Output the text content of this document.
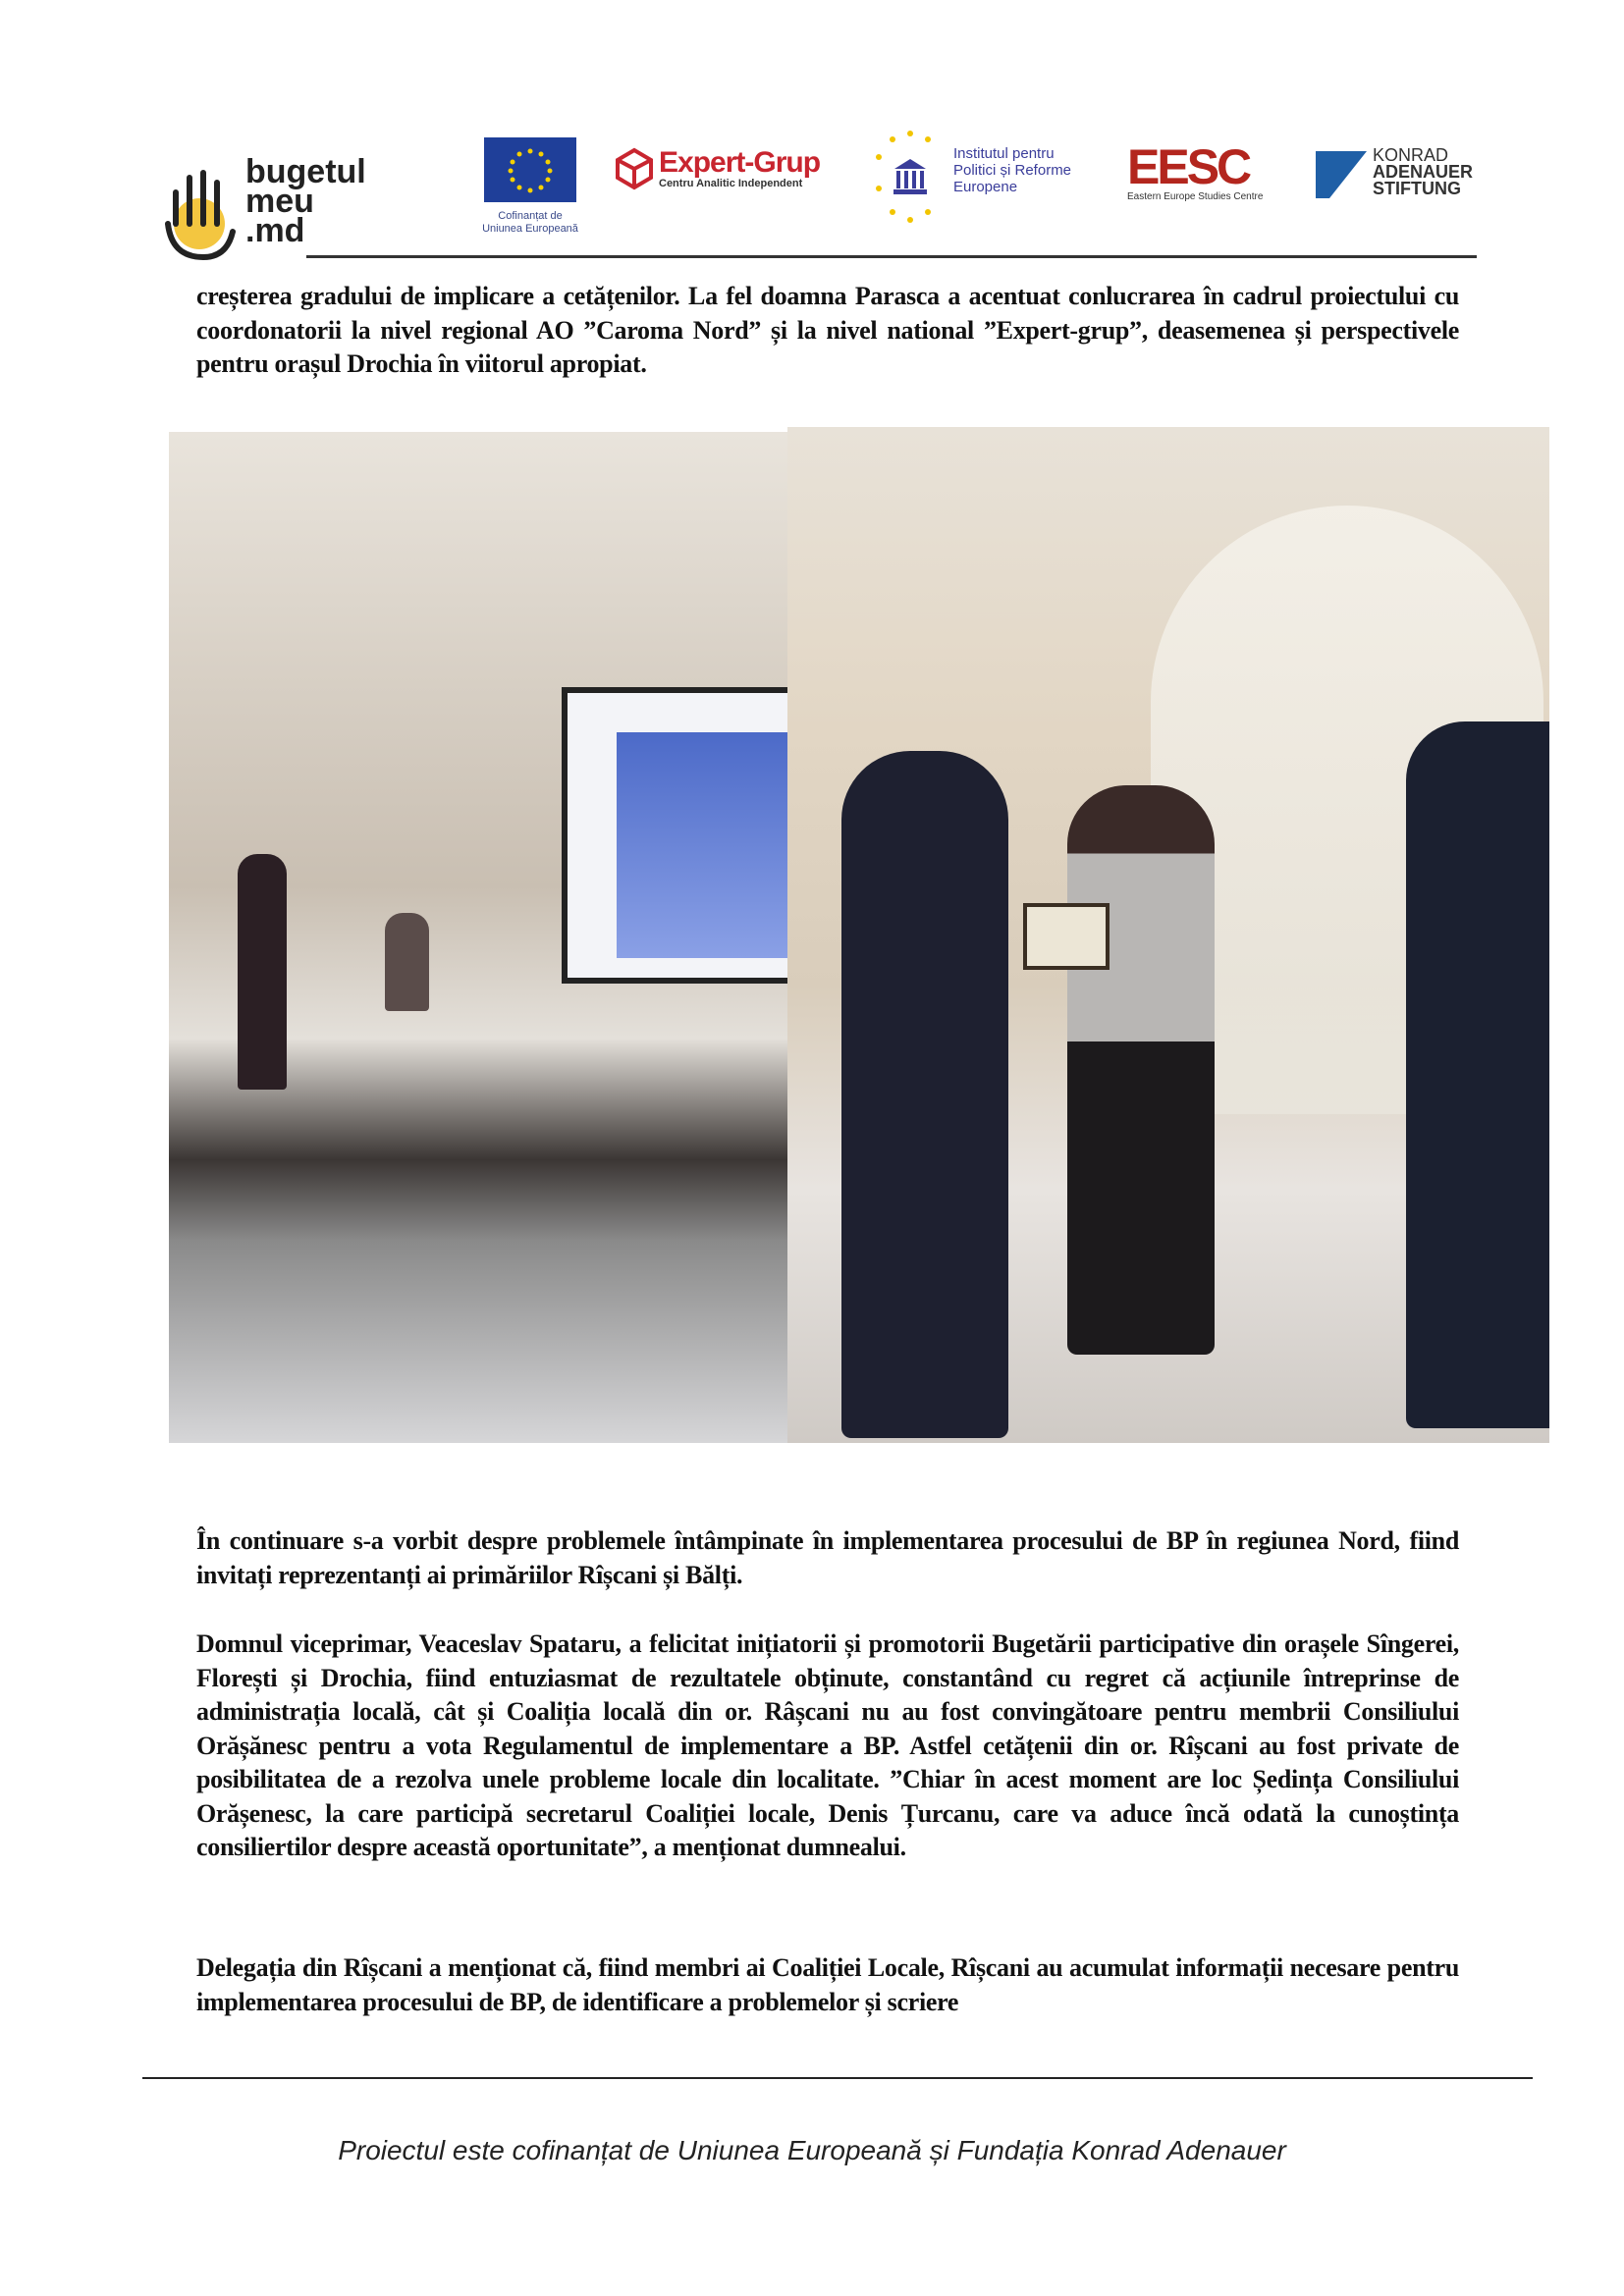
bugetul
meu
.md	Cofinanțat de
Uniunea Europeană
Expert-Grup
Centru Analitic Independent
Institutul pentru
Politici și Reforme
Europene	EESC
Eastern Europe Studies Centre
KONRAD
ADENAUER
STIFTUNG

creșterea gradului de implicare a cetățenilor. La fel doamna Parasca a acentuat conlucrarea în cadrul proiectului cu coordonatorii la nivel regional AO ”Caroma Nord” și la nivel national ”Expert-grup”, deasemenea și perspectivele pentru orașul Drochia în viitorul apropiat.

În continuare s-a vorbit despre problemele întâmpinate în implementarea procesului de BP în regiunea Nord, fiind invitați reprezentanți ai primăriilor Rîșcani și Bălți.

Domnul viceprimar, Veaceslav Spataru, a felicitat inițiatorii și promotorii Bugetării participative din orașele Sîngerei, Florești și Drochia, fiind entuziasmat de rezultatele obținute, constantând cu regret că acțiunile întreprinse de administrația locală, cât și Coaliția locală din or. Râșcani nu au fost convingătoare pentru membrii Consiliului Orășănesc pentru a vota Regulamentul de implementare a BP. Astfel cetățenii din or. Rîșcani au fost private de posibilitatea de a rezolva unele probleme locale din localitate. ”Chiar în acest moment are loc Ședința Consiliului Orășenesc, la care participă secretarul Coaliției locale, Denis Țurcanu, care va aduce încă odată la cunoștința consiliertilor despre această oportunitate”, a menționat dumnealui.

Delegația din Rîșcani a menționat că, fiind membri ai Coaliției Locale, Rîșcani au acumulat informații necesare pentru implementarea procesului de BP, de identificare a problemelor și scriere

Proiectul este cofinanțat de Uniunea Europeană și Fundația Konrad Adenauer
